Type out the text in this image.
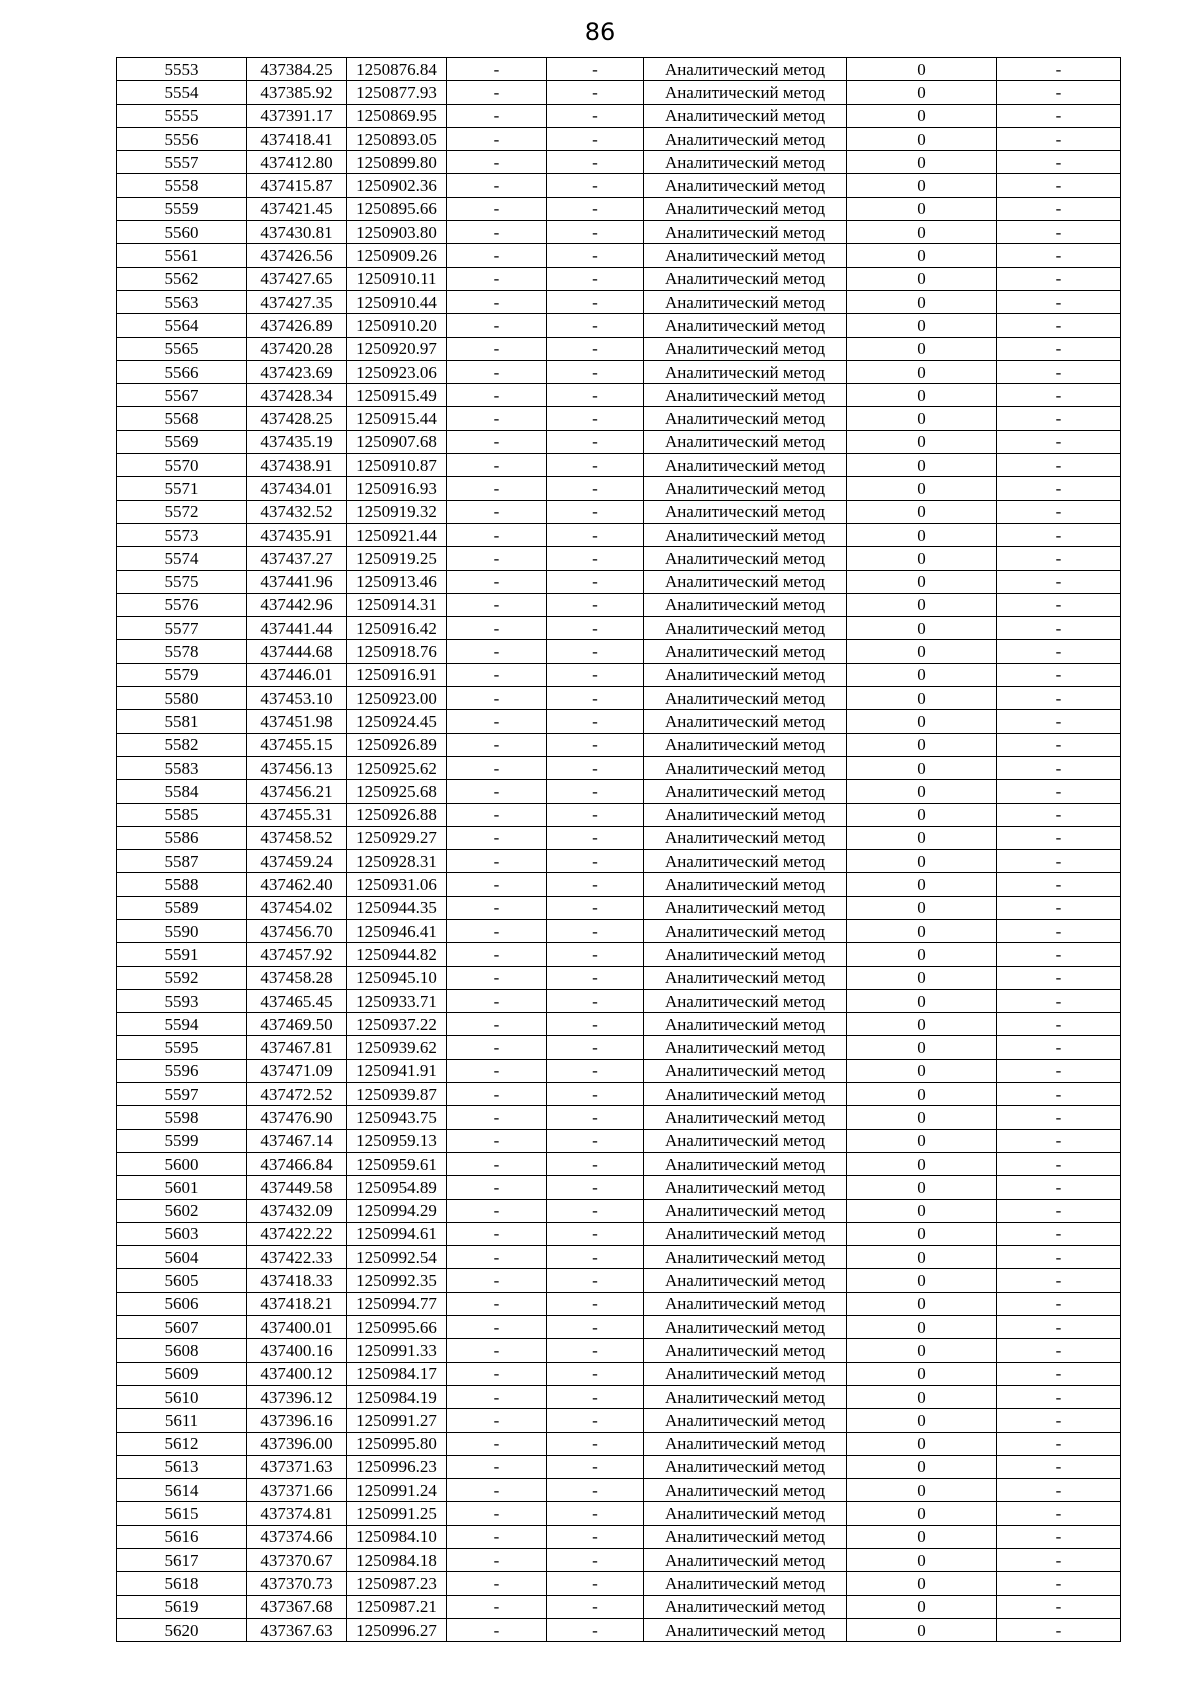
86
5553	437384.25	1250876.84	-	-	Аналитический метод	0	-
5554	437385.92	1250877.93	-	-	Аналитический метод	0	-
5555	437391.17	1250869.95	-	-	Аналитический метод	0	-
5556	437418.41	1250893.05	-	-	Аналитический метод	0	-
5557	437412.80	1250899.80	-	-	Аналитический метод	0	-
5558	437415.87	1250902.36	-	-	Аналитический метод	0	-
5559	437421.45	1250895.66	-	-	Аналитический метод	0	-
5560	437430.81	1250903.80	-	-	Аналитический метод	0	-
5561	437426.56	1250909.26	-	-	Аналитический метод	0	-
5562	437427.65	1250910.11	-	-	Аналитический метод	0	-
5563	437427.35	1250910.44	-	-	Аналитический метод	0	-
5564	437426.89	1250910.20	-	-	Аналитический метод	0	-
5565	437420.28	1250920.97	-	-	Аналитический метод	0	-
5566	437423.69	1250923.06	-	-	Аналитический метод	0	-
5567	437428.34	1250915.49	-	-	Аналитический метод	0	-
5568	437428.25	1250915.44	-	-	Аналитический метод	0	-
5569	437435.19	1250907.68	-	-	Аналитический метод	0	-
5570	437438.91	1250910.87	-	-	Аналитический метод	0	-
5571	437434.01	1250916.93	-	-	Аналитический метод	0	-
5572	437432.52	1250919.32	-	-	Аналитический метод	0	-
5573	437435.91	1250921.44	-	-	Аналитический метод	0	-
5574	437437.27	1250919.25	-	-	Аналитический метод	0	-
5575	437441.96	1250913.46	-	-	Аналитический метод	0	-
5576	437442.96	1250914.31	-	-	Аналитический метод	0	-
5577	437441.44	1250916.42	-	-	Аналитический метод	0	-
5578	437444.68	1250918.76	-	-	Аналитический метод	0	-
5579	437446.01	1250916.91	-	-	Аналитический метод	0	-
5580	437453.10	1250923.00	-	-	Аналитический метод	0	-
5581	437451.98	1250924.45	-	-	Аналитический метод	0	-
5582	437455.15	1250926.89	-	-	Аналитический метод	0	-
5583	437456.13	1250925.62	-	-	Аналитический метод	0	-
5584	437456.21	1250925.68	-	-	Аналитический метод	0	-
5585	437455.31	1250926.88	-	-	Аналитический метод	0	-
5586	437458.52	1250929.27	-	-	Аналитический метод	0	-
5587	437459.24	1250928.31	-	-	Аналитический метод	0	-
5588	437462.40	1250931.06	-	-	Аналитический метод	0	-
5589	437454.02	1250944.35	-	-	Аналитический метод	0	-
5590	437456.70	1250946.41	-	-	Аналитический метод	0	-
5591	437457.92	1250944.82	-	-	Аналитический метод	0	-
5592	437458.28	1250945.10	-	-	Аналитический метод	0	-
5593	437465.45	1250933.71	-	-	Аналитический метод	0	-
5594	437469.50	1250937.22	-	-	Аналитический метод	0	-
5595	437467.81	1250939.62	-	-	Аналитический метод	0	-
5596	437471.09	1250941.91	-	-	Аналитический метод	0	-
5597	437472.52	1250939.87	-	-	Аналитический метод	0	-
5598	437476.90	1250943.75	-	-	Аналитический метод	0	-
5599	437467.14	1250959.13	-	-	Аналитический метод	0	-
5600	437466.84	1250959.61	-	-	Аналитический метод	0	-
5601	437449.58	1250954.89	-	-	Аналитический метод	0	-
5602	437432.09	1250994.29	-	-	Аналитический метод	0	-
5603	437422.22	1250994.61	-	-	Аналитический метод	0	-
5604	437422.33	1250992.54	-	-	Аналитический метод	0	-
5605	437418.33	1250992.35	-	-	Аналитический метод	0	-
5606	437418.21	1250994.77	-	-	Аналитический метод	0	-
5607	437400.01	1250995.66	-	-	Аналитический метод	0	-
5608	437400.16	1250991.33	-	-	Аналитический метод	0	-
5609	437400.12	1250984.17	-	-	Аналитический метод	0	-
5610	437396.12	1250984.19	-	-	Аналитический метод	0	-
5611	437396.16	1250991.27	-	-	Аналитический метод	0	-
5612	437396.00	1250995.80	-	-	Аналитический метод	0	-
5613	437371.63	1250996.23	-	-	Аналитический метод	0	-
5614	437371.66	1250991.24	-	-	Аналитический метод	0	-
5615	437374.81	1250991.25	-	-	Аналитический метод	0	-
5616	437374.66	1250984.10	-	-	Аналитический метод	0	-
5617	437370.67	1250984.18	-	-	Аналитический метод	0	-
5618	437370.73	1250987.23	-	-	Аналитический метод	0	-
5619	437367.68	1250987.21	-	-	Аналитический метод	0	-
5620	437367.63	1250996.27	-	-	Аналитический метод	0	-
